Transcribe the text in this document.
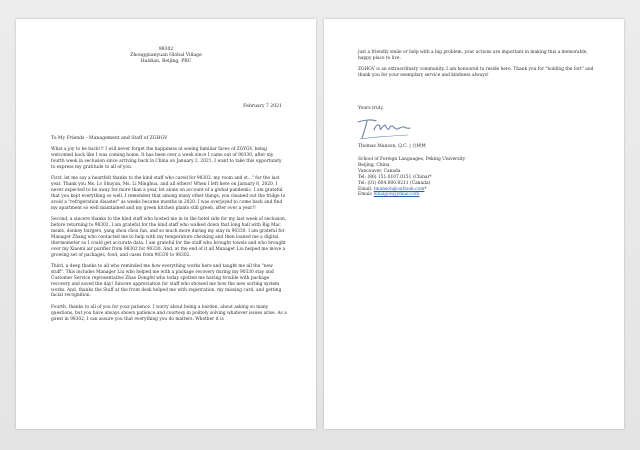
98302
Zhongguanyuan Global Village
Haidian, Beijing, PRC
February 7 2021
To My Friends - Management and Staff of ZGHGV

What a joy to be back!!! I will never forget the happiness at seeing familiar faces of ZGYGV, being welcomed back like I was coming home. It has been over a week since I came out of 90330, after my fourth week in seclusion since arriving back in China on January 2, 2021. I want to take this opportunity to express my gratitude to all of you.

First, let me say a heartfelt thanks to the kind staff who cared for 98302, my room and st..." for the last year. Thank you Ms. Lv Shuyun, Ms. Li Minghua, and all others! When I left here on January 8, 2020, I never expected to be away for more than a year, let alone on account of a global pandemic. I am grateful that you kept everything so well. I remember that among many other things, you cleaned out the fridge to avoid a "refrigeration disaster" as weeks became months in 2020. I was overjoyed to come back and find my apartment so well maintained and my green kitchen plants still green, after over a year!!

Second, a sincere thanks to the kind staff who hosted me in in the hotel side for my last week of seclusion, before returning to 98302. I am grateful for the kind staff who walked down that long hall with Big Mac meals, donkey burgers, yang zhou chou fan, and so much more during my stay in 90330. I am grateful for Manager Zhang who contacted me to help with my temperature checking and then loaned me a digital thermometer so I could get accurate data. I am grateful for the staff who brought towels and who brought over my Xiaomi air purifier from 98302 for 90330. And, at the end of it all Manager Liu helped me move a growing set of packages, food, and cases from 90330 to 98302.

Third, a deep thanks to all who reminded me how everything works here and taught me all the "new stuff". This includes Manager Liu who helped me with a package recovery during my 90330 stay and Customer Service representative Zhao Dongfei who today spotted me having trouble with package recovery and saved the day! Sincere appreciation for staff who showed me how the new sorting system works. And, thanks the Staff at the front desk helped me with registration, my missing card, and getting facial recognition.

Fourth, thanks to all of you for your patience. I worry about being a burden, about asking so many questions, but you have always shown patience and courtesy in politely solving whatever issues arise. As a guest in 98302, I can assure you that everything you do matters. Whether it is

just a friendly smile or help with a big problem, your actions are important in making this a memorable, happy place to live.

ZGHGV is an extraordinary community. I am honoured to reside here. Thank you for "holding the fort" and thank you for your exemplary service and kindness always!

Yours truly,
Thomas Manson, Q.C. | 白树林
School of Foreign Languages, Peking University
Beijing, China
Vancouver, Canada
Tel: (86) 151.0107.0151 (China)*
Tel: (01) 604.800.8211 (Canada)
Email: tmanson@outlook.com*
Email: wbaigov@ymail.com
